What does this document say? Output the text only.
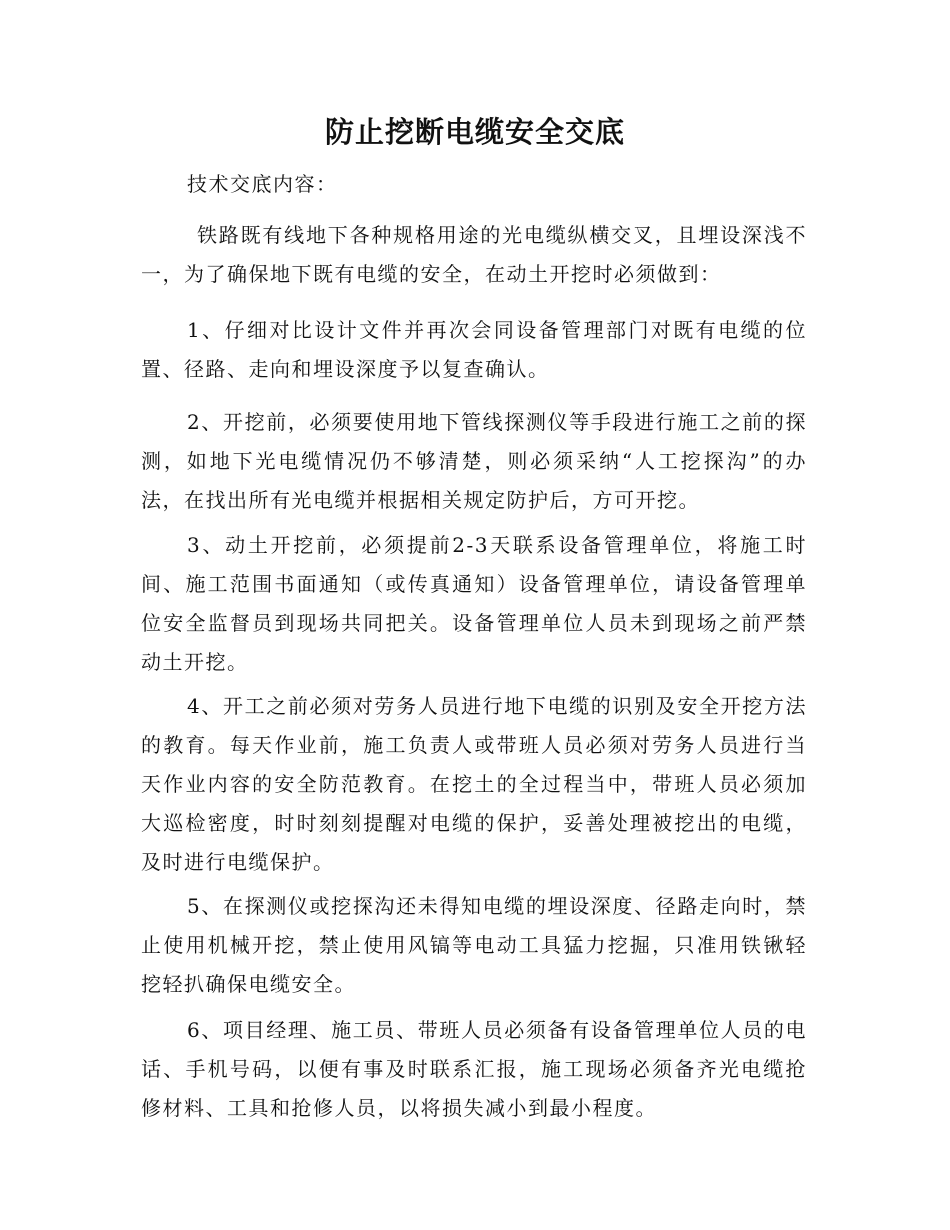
防止挖断电缆安全交底

技术交底内容：

铁路既有线地下各种规格用途的光电缆纵横交叉，且埋设深浅不一，为了确保地下既有电缆的安全，在动土开挖时必须做到：

1、仔细对比设计文件并再次会同设备管理部门对既有电缆的位置、径路、走向和埋设深度予以复查确认。

2、开挖前，必须要使用地下管线探测仪等手段进行施工之前的探测，如地下光电缆情况仍不够清楚，则必须采纳“人工挖探沟”的办法，在找出所有光电缆并根据相关规定防护后，方可开挖。

3、动土开挖前，必须提前2-3天联系设备管理单位，将施工时间、施工范围书面通知（或传真通知）设备管理单位，请设备管理单位安全监督员到现场共同把关。设备管理单位人员未到现场之前严禁动土开挖。

4、开工之前必须对劳务人员进行地下电缆的识别及安全开挖方法的教育。每天作业前，施工负责人或带班人员必须对劳务人员进行当天作业内容的安全防范教育。在挖土的全过程当中，带班人员必须加大巡检密度，时时刻刻提醒对电缆的保护，妥善处理被挖出的电缆，及时进行电缆保护。

5、在探测仪或挖探沟还未得知电缆的埋设深度、径路走向时，禁止使用机械开挖，禁止使用风镐等电动工具猛力挖掘，只准用铁锹轻挖轻扒确保电缆安全。

6、项目经理、施工员、带班人员必须备有设备管理单位人员的电话、手机号码，以便有事及时联系汇报，施工现场必须备齐光电缆抢修材料、工具和抢修人员，以将损失减小到最小程度。
